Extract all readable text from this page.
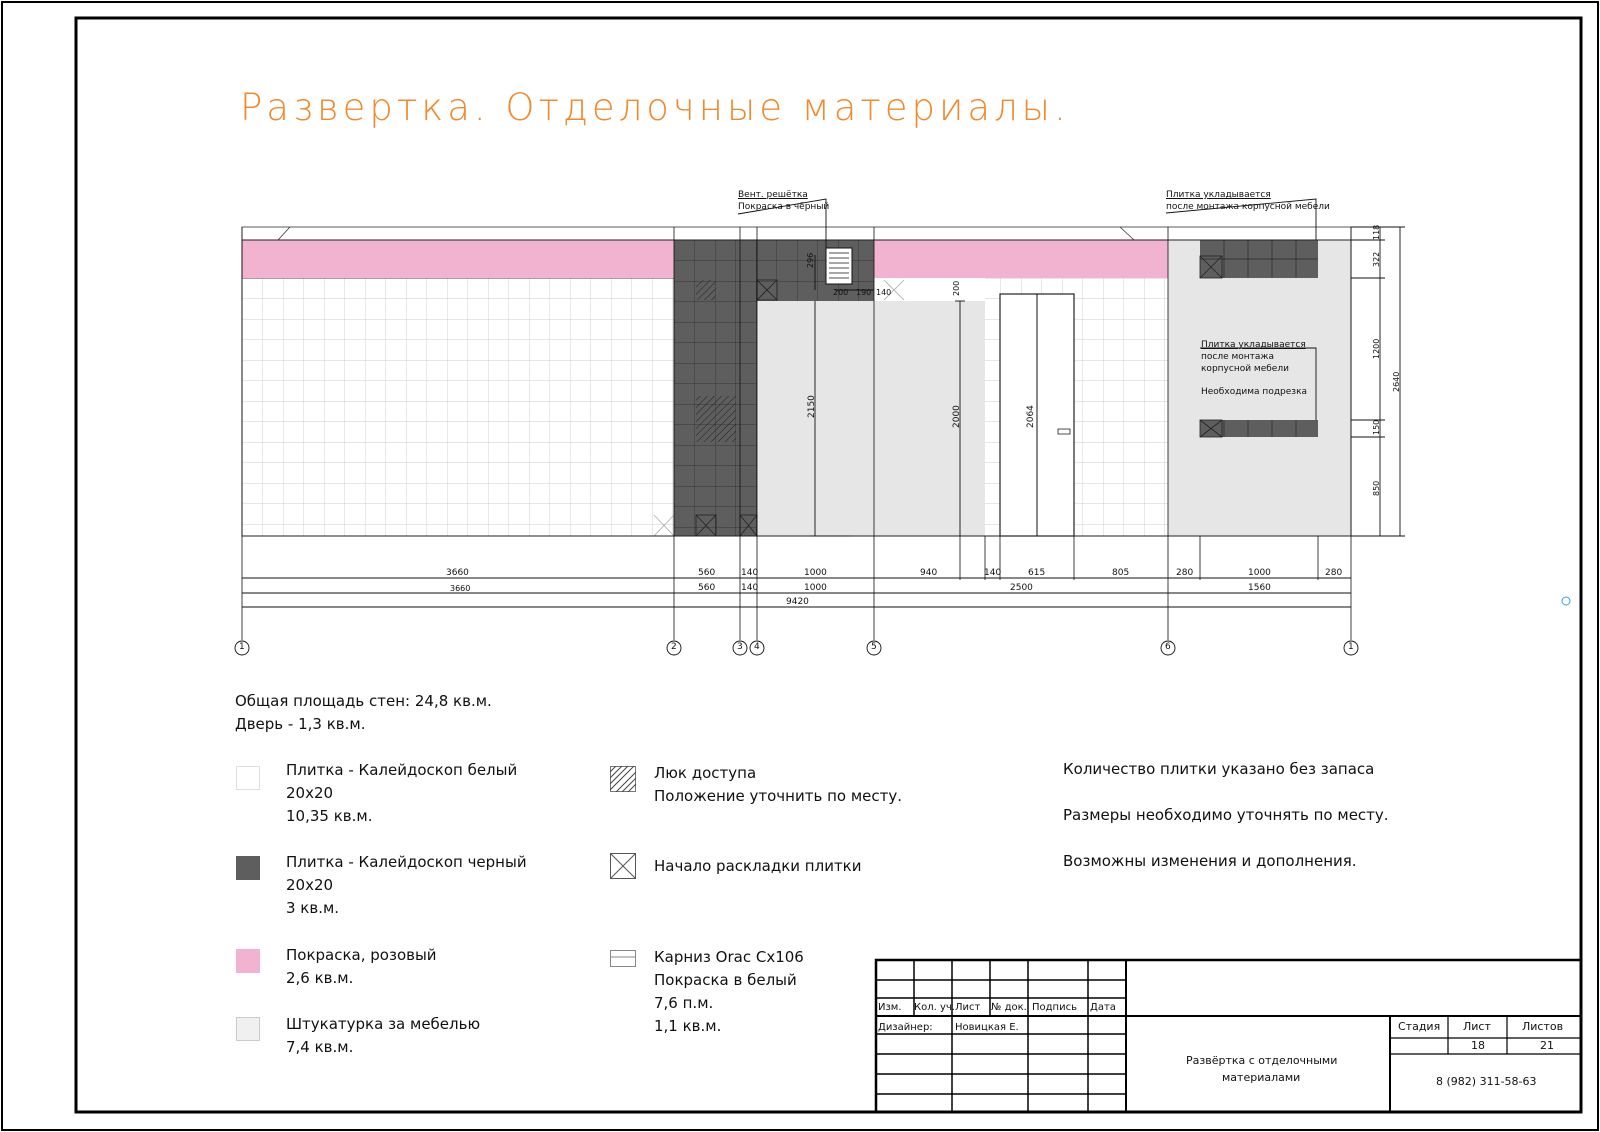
Развертка. Отделочные материалы.
Вент. решётка
Покраска в чёрный
Плитка укладывается
после монтажа корпусной мебели
Плитка укладывается
после монтажа
корпусной мебели
Необходима подрезка
3660	560	140	1000	940	140	615	805	280	1000	280
3660	560	140	1000	2500	1560
9420
296
200 190 140	200
2150	2000	2064
118
322
1200
150
850
2640
1	2	3 4	5	6	1
Общая площадь стен: 24,8 кв.м.
Дверь - 1,3 кв.м.
Плитка - Калейдоскоп белый
20х20
10,35 кв.м.
Плитка - Калейдоскоп черный
20х20
3 кв.м.
Покраска, розовый
2,6 кв.м.
Штукатурка за мебелью
7,4 кв.м.
Люк доступа
Положение уточнить по месту.
Начало раскладки плитки
Карниз Orac Cx106
Покраска в белый
7,6 п.м.
1,1 кв.м.
Количество плитки указано без запаса
Размеры необходимо уточнять по месту.
Возможны изменения и дополнения.
Изм. Кол. уч. Лист № док. Подпись Дата
Дизайнер: Новицкая Е.
Развёртка с отделочными
материалами
Стадия Лист	Листов
18	21
8 (982) 311-58-63
